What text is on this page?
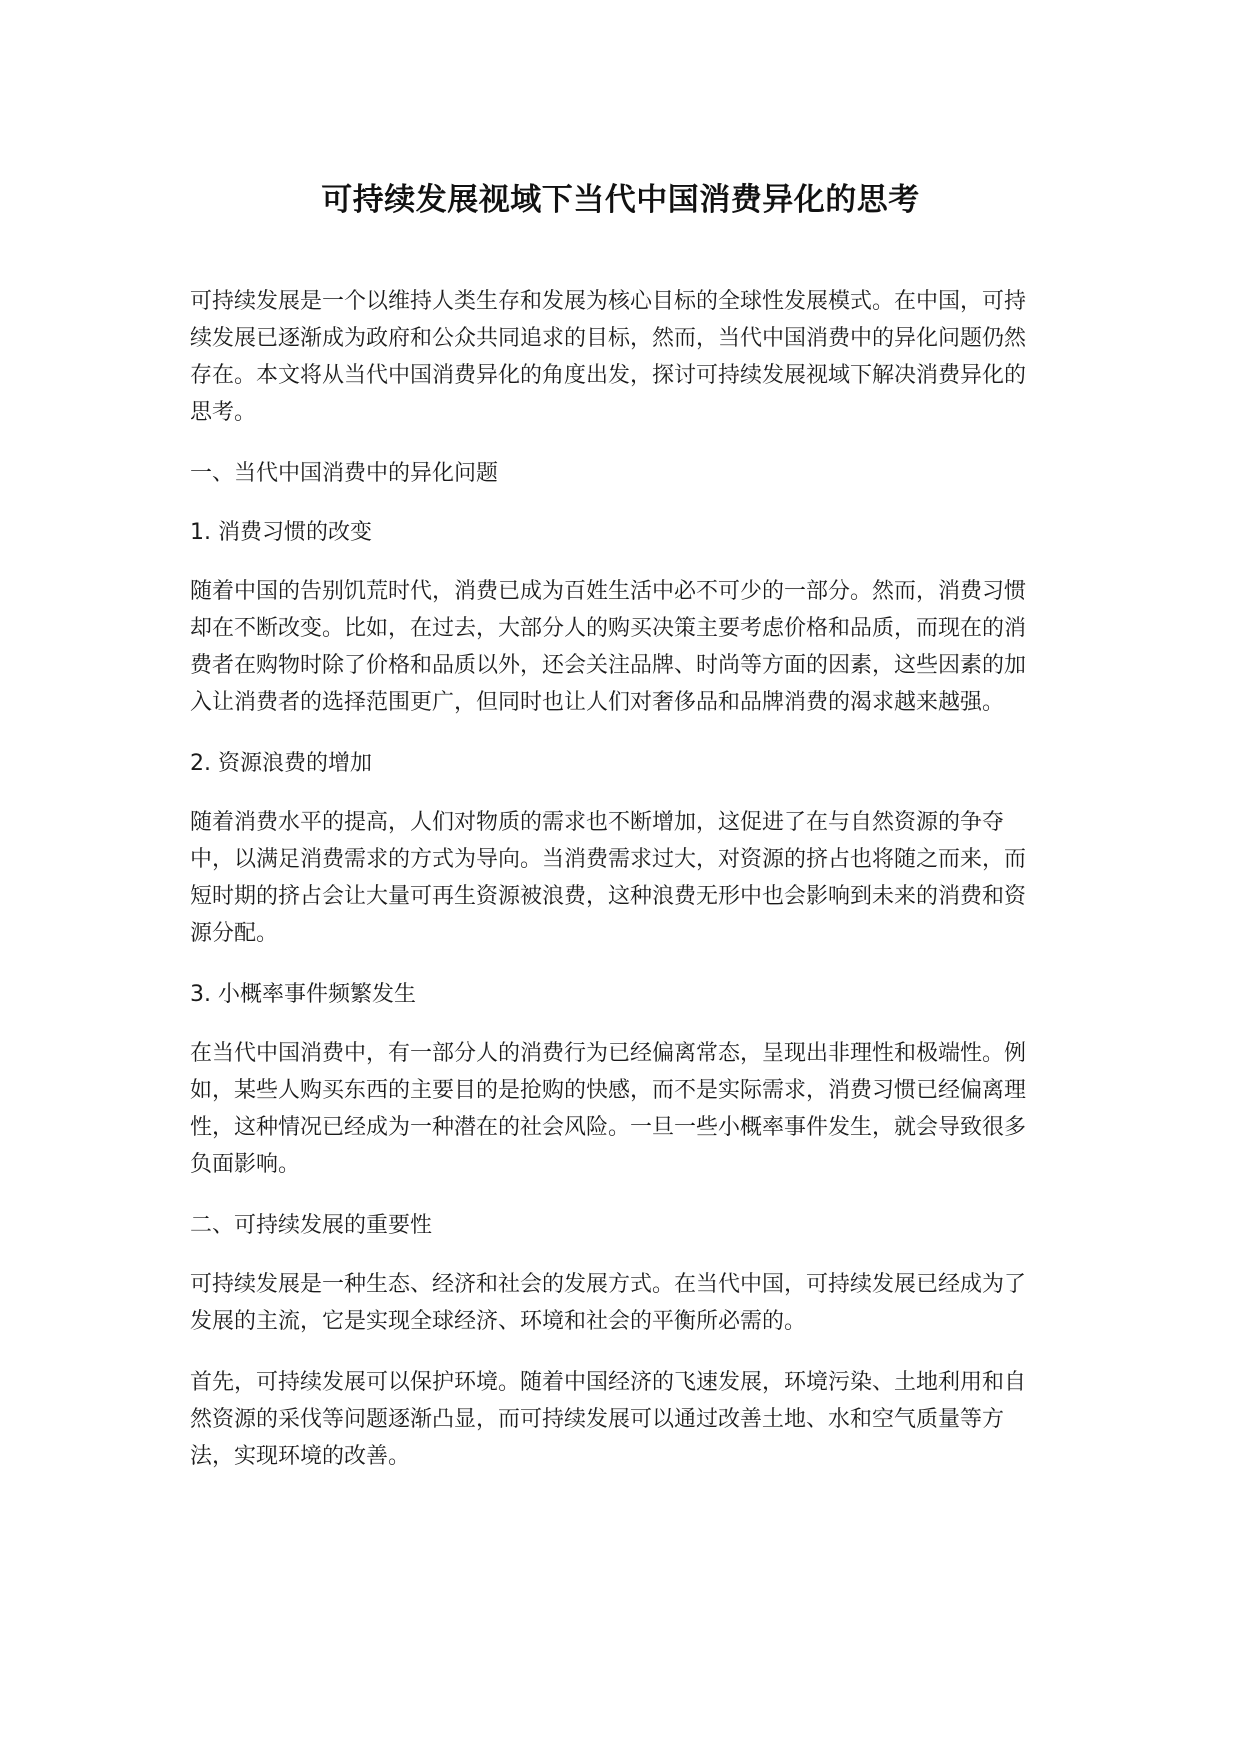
可持续发展视域下当代中国消费异化的思考

可持续发展是一个以维持人类生存和发展为核心目标的全球性发展模式。在中国，可持续发展已逐渐成为政府和公众共同追求的目标，然而，当代中国消费中的异化问题仍然存在。本文将从当代中国消费异化的角度出发，探讨可持续发展视域下解决消费异化的思考。

一、当代中国消费中的异化问题

1. 消费习惯的改变

随着中国的告别饥荒时代，消费已成为百姓生活中必不可少的一部分。然而，消费习惯却在不断改变。比如，在过去，大部分人的购买决策主要考虑价格和品质，而现在的消费者在购物时除了价格和品质以外，还会关注品牌、时尚等方面的因素，这些因素的加入让消费者的选择范围更广，但同时也让人们对奢侈品和品牌消费的渴求越来越强。

2. 资源浪费的增加

随着消费水平的提高，人们对物质的需求也不断增加，这促进了在与自然资源的争夺中，以满足消费需求的方式为导向。当消费需求过大，对资源的挤占也将随之而来，而短时期的挤占会让大量可再生资源被浪费，这种浪费无形中也会影响到未来的消费和资源分配。

3. 小概率事件频繁发生

在当代中国消费中，有一部分人的消费行为已经偏离常态，呈现出非理性和极端性。例如，某些人购买东西的主要目的是抢购的快感，而不是实际需求，消费习惯已经偏离理性，这种情况已经成为一种潜在的社会风险。一旦一些小概率事件发生，就会导致很多负面影响。

二、可持续发展的重要性

可持续发展是一种生态、经济和社会的发展方式。在当代中国，可持续发展已经成为了发展的主流，它是实现全球经济、环境和社会的平衡所必需的。

首先，可持续发展可以保护环境。随着中国经济的飞速发展，环境污染、土地利用和自然资源的采伐等问题逐渐凸显，而可持续发展可以通过改善土地、水和空气质量等方法，实现环境的改善。
